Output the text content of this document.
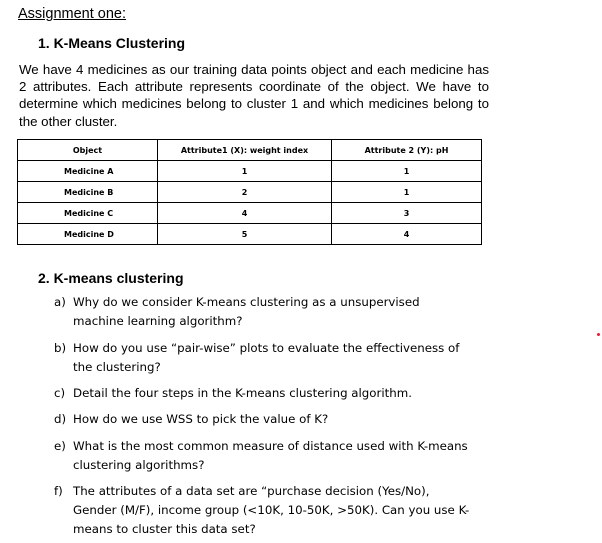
Assignment one:
1. K-Means Clustering
We have 4 medicines as our training data points object and each medicine has 2 attributes. Each attribute represents coordinate of the object. We have to determine which medicines belong to cluster 1 and which medicines belong to the other cluster.
Object	Attribute1 (X): weight index	Attribute 2 (Y): pH
Medicine A	1	1
Medicine B	2	1
Medicine C	4	3
Medicine D	5	4
2. K-means clustering
a) Why do we consider K-means clustering as a unsupervised machine learning algorithm?
b) How do you use “pair-wise” plots to evaluate the effectiveness of the clustering?
c) Detail the four steps in the K-means clustering algorithm.
d) How do we use WSS to pick the value of K?
e) What is the most common measure of distance used with K-means clustering algorithms?
f) The attributes of a data set are “purchase decision (Yes/No), Gender (M/F), income group (<10K, 10-50K, >50K). Can you use K-means to cluster this data set?
